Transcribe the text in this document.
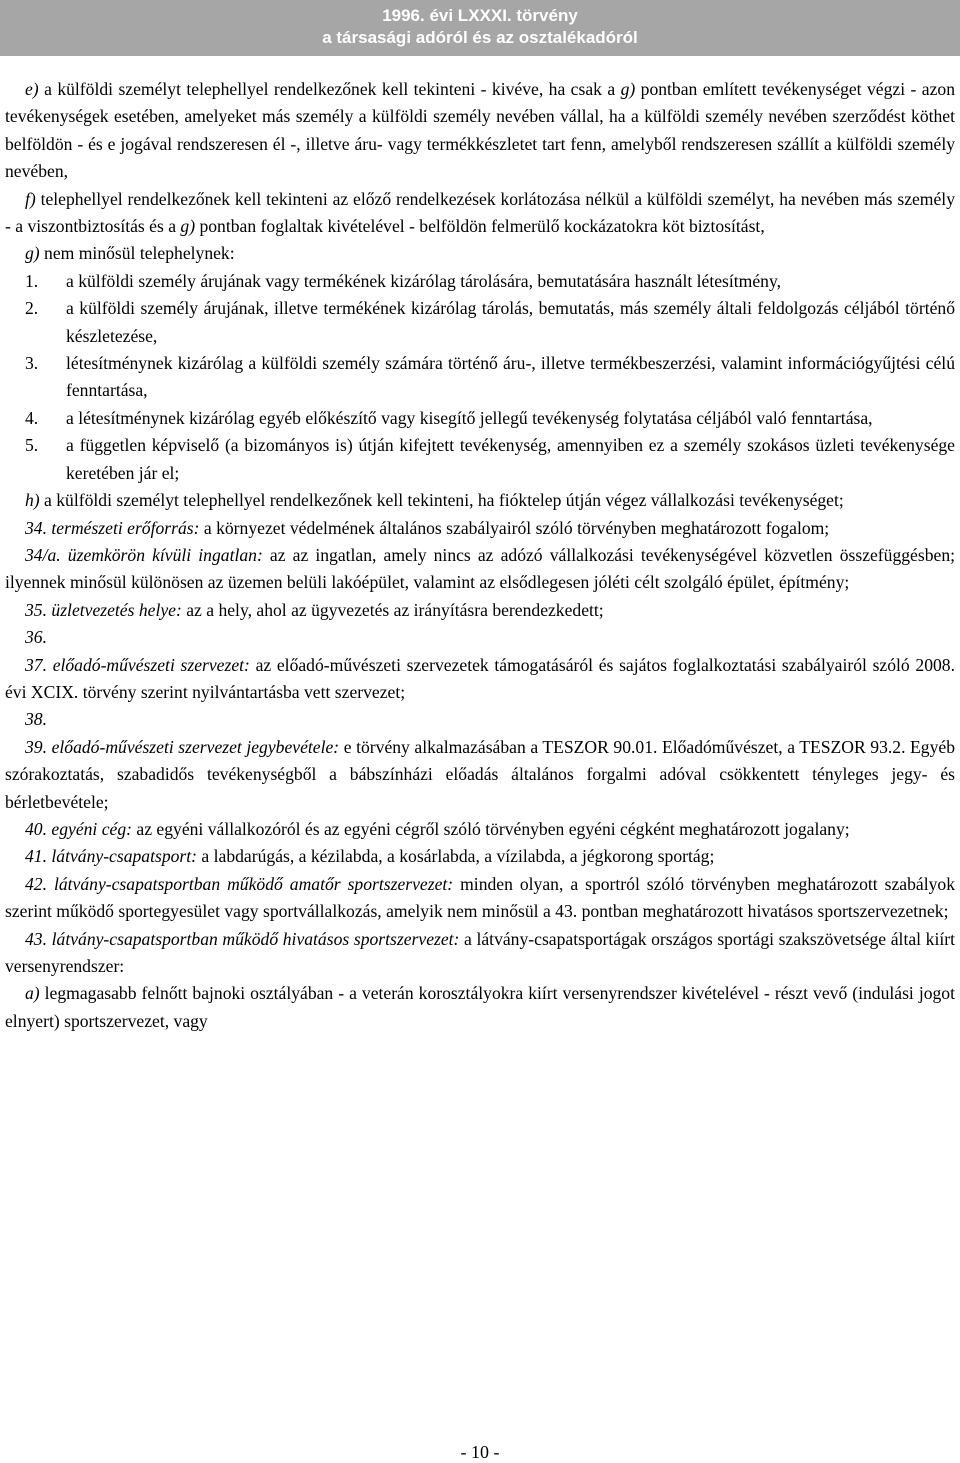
1996. évi LXXXI. törvény
a társasági adóról és az osztalékadóról

e) a külföldi személyt telephellyel rendelkezőnek kell tekinteni - kivéve, ha csak a g) pontban említett tevékenységet végzi - azon tevékenységek esetében, amelyeket más személy a külföldi személy nevében vállal, ha a külföldi személy nevében szerződést köthet belföldön - és e jogával rendszeresen él -, illetve áru- vagy termékkészletet tart fenn, amelyből rendszeresen szállít a külföldi személy nevében,

f) telephellyel rendelkezőnek kell tekinteni az előző rendelkezések korlátozása nélkül a külföldi személyt, ha nevében más személy - a viszontbiztosítás és a g) pontban foglaltak kivételével - belföldön felmerülő kockázatokra köt biztosítást,

g) nem minősül telephelynek:

1. a külföldi személy árujának vagy termékének kizárólag tárolására, bemutatására használt létesítmény,

2. a külföldi személy árujának, illetve termékének kizárólag tárolás, bemutatás, más személy általi feldolgozás céljából történő készletezése,

3. létesítménynek kizárólag a külföldi személy számára történő áru-, illetve termékbeszerzési, valamint információgyűjtési célú fenntartása,

4. a létesítménynek kizárólag egyéb előkészítő vagy kisegítő jellegű tevékenység folytatása céljából való fenntartása,

5. a független képviselő (a bizományos is) útján kifejtett tevékenység, amennyiben ez a személy szokásos üzleti tevékenysége keretében jár el;

h) a külföldi személyt telephellyel rendelkezőnek kell tekinteni, ha fióktelep útján végez vállalkozási tevékenységet;

34. természeti erőforrás: a környezet védelmének általános szabályairól szóló törvényben meghatározott fogalom;

34/a. üzemkörön kívüli ingatlan: az az ingatlan, amely nincs az adózó vállalkozási tevékenységével közvetlen összefüggésben; ilyennek minősül különösen az üzemen belüli lakóépület, valamint az elsődlegesen jóléti célt szolgáló épület, építmény;

35. üzletvezetés helye: az a hely, ahol az ügyvezetés az irányításra berendezkedett;

36.

37. előadó-művészeti szervezet: az előadó-művészeti szervezetek támogatásáról és sajátos foglalkoztatási szabályairól szóló 2008. évi XCIX. törvény szerint nyilvántartásba vett szervezet;

38.

39. előadó-művészeti szervezet jegybevétele: e törvény alkalmazásában a TESZOR 90.01. Előadóművészet, a TESZOR 93.2. Egyéb szórakoztatás, szabadidős tevékenységből a bábszínházi előadás általános forgalmi adóval csökkentett tényleges jegy- és bérletbevétele;

40. egyéni cég: az egyéni vállalkozóról és az egyéni cégről szóló törvényben egyéni cégként meghatározott jogalany;

41. látvány-csapatsport: a labdarúgás, a kézilabda, a kosárlabda, a vízilabda, a jégkorong sportág;

42. látvány-csapatsportban működő amatőr sportszervezet: minden olyan, a sportról szóló törvényben meghatározott szabályok szerint működő sportegyesület vagy sportvállalkozás, amelyik nem minősül a 43. pontban meghatározott hivatásos sportszervezetnek;

43. látvány-csapatsportban működő hivatásos sportszervezet: a látvány-csapatsportágak országos sportági szakszövetsége által kiírt versenyrendszer:

a) legmagasabb felnőtt bajnoki osztályában - a veterán korosztályokra kiírt versenyrendszer kivételével - részt vevő (indulási jogot elnyert) sportszervezet, vagy

- 10 -
